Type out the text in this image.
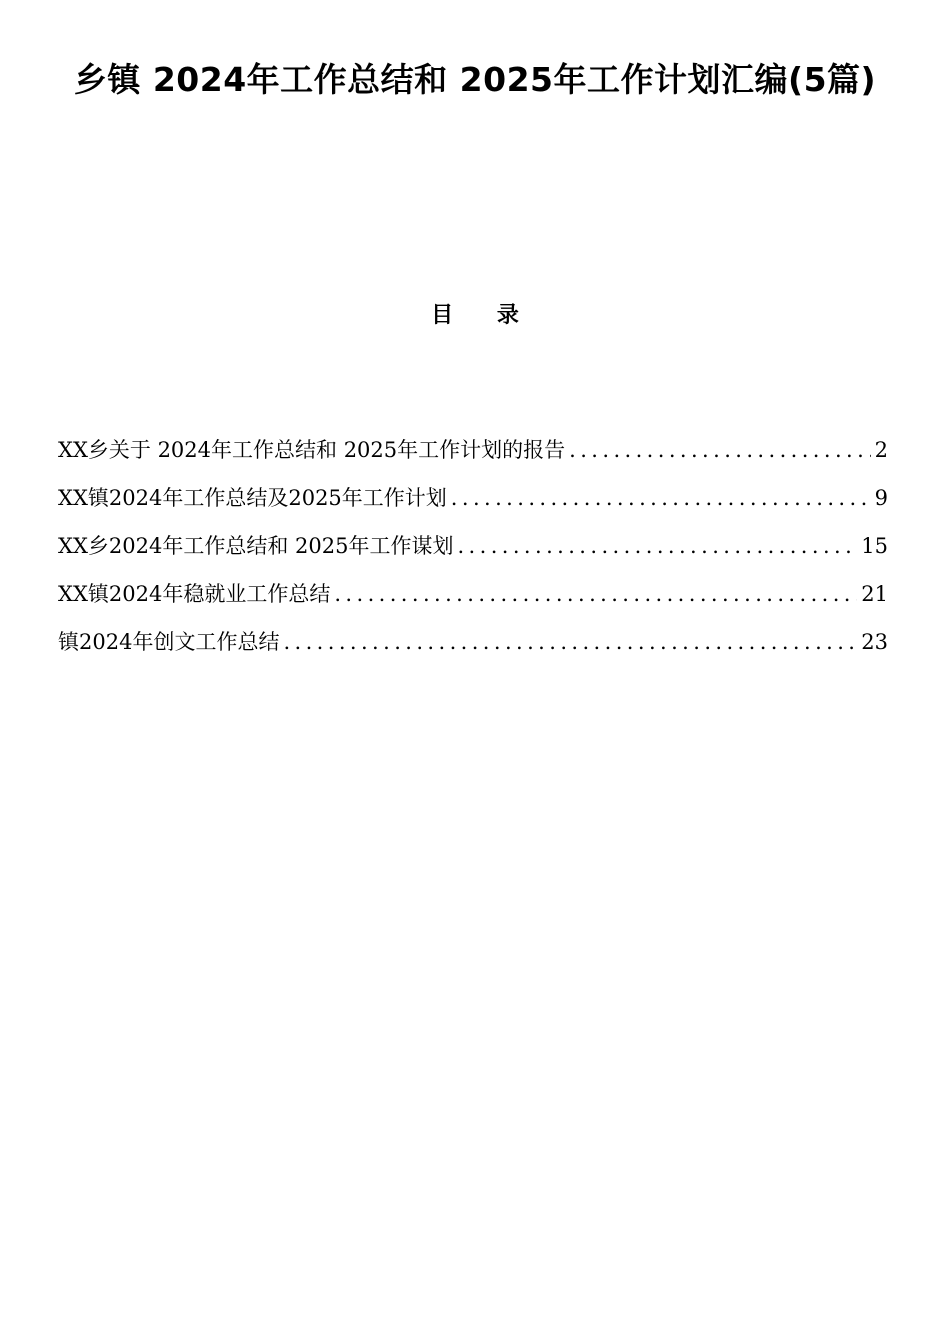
乡镇 2024年工作总结和 2025年工作计划汇编(5篇)
目 录
XX乡关于 2024年工作总结和 2025年工作计划的报告 .....	2
XX镇2024年工作总结及2025年工作计划 .....	9
XX乡2024年工作总结和 2025年工作谋划 .....	15
XX镇2024年稳就业工作总结 .....	21
镇2024年创文工作总结 .....	23
